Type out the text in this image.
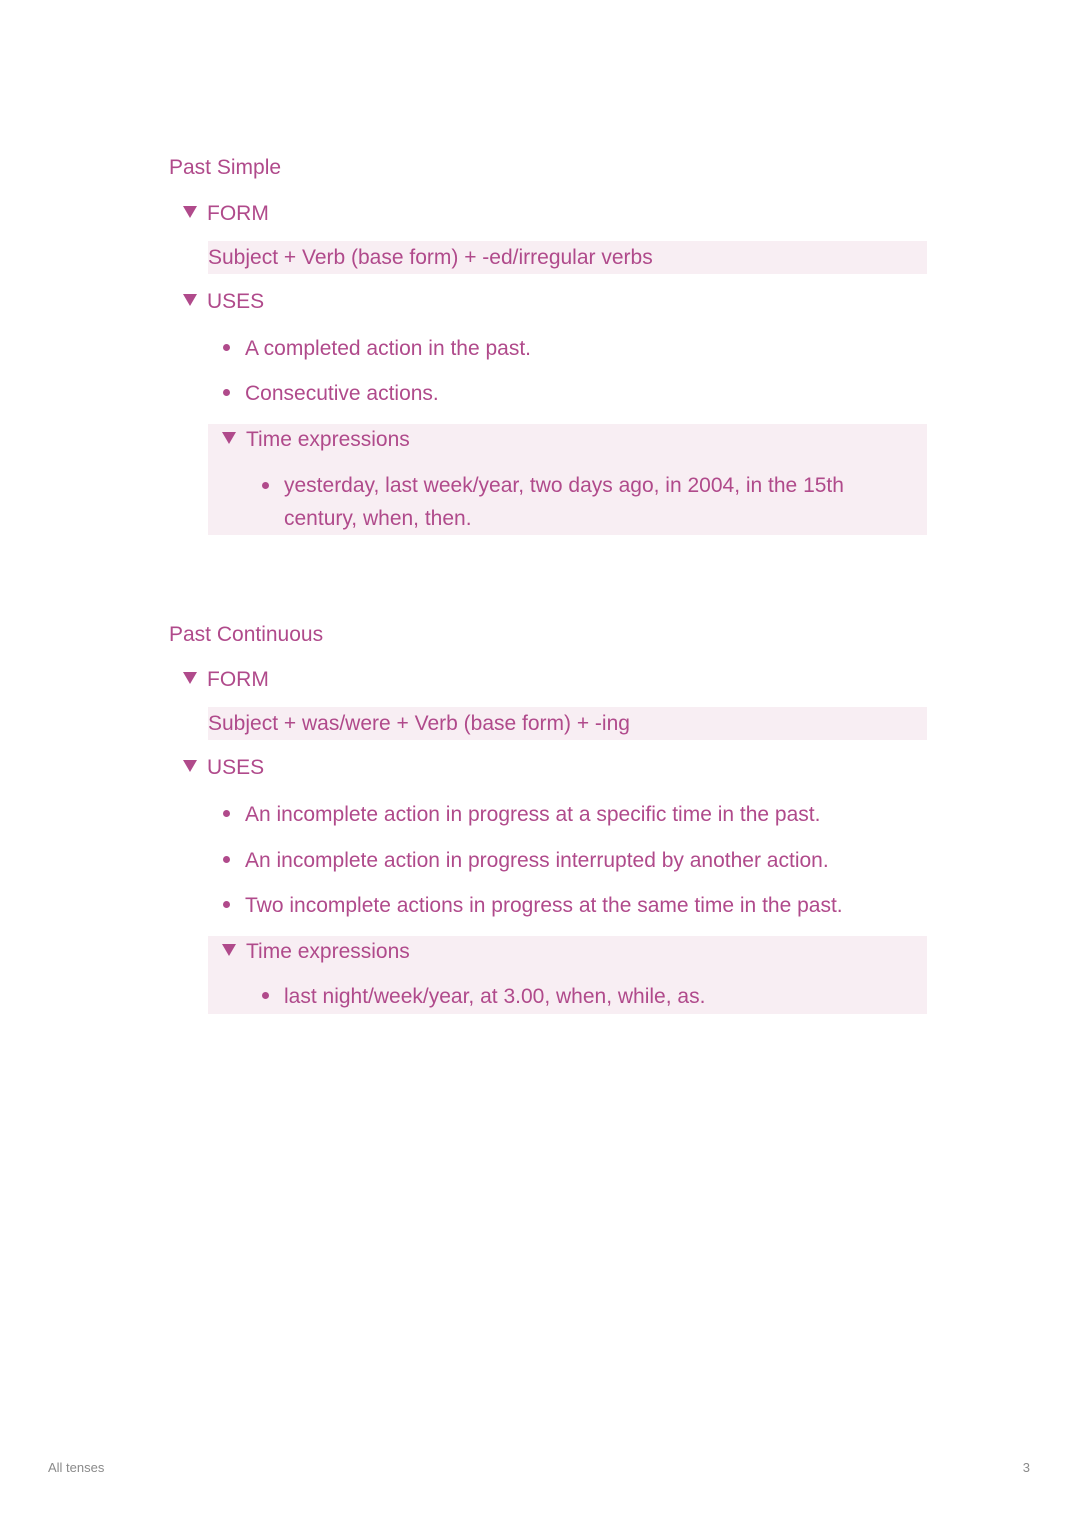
Past Simple
FORM
Subject + Verb (base form) + -ed/irregular verbs
USES
A completed action in the past.
Consecutive actions.
Time expressions
yesterday, last week/year, two days ago, in 2004, in the 15th century, when, then.
Past Continuous
FORM
Subject + was/were + Verb (base form) + -ing
USES
An incomplete action in progress at a specific time in the past.
An incomplete action in progress interrupted by another action.
Two incomplete actions in progress at the same time in the past.
Time expressions
last night/week/year, at 3.00, when, while, as.
All tenses	3
